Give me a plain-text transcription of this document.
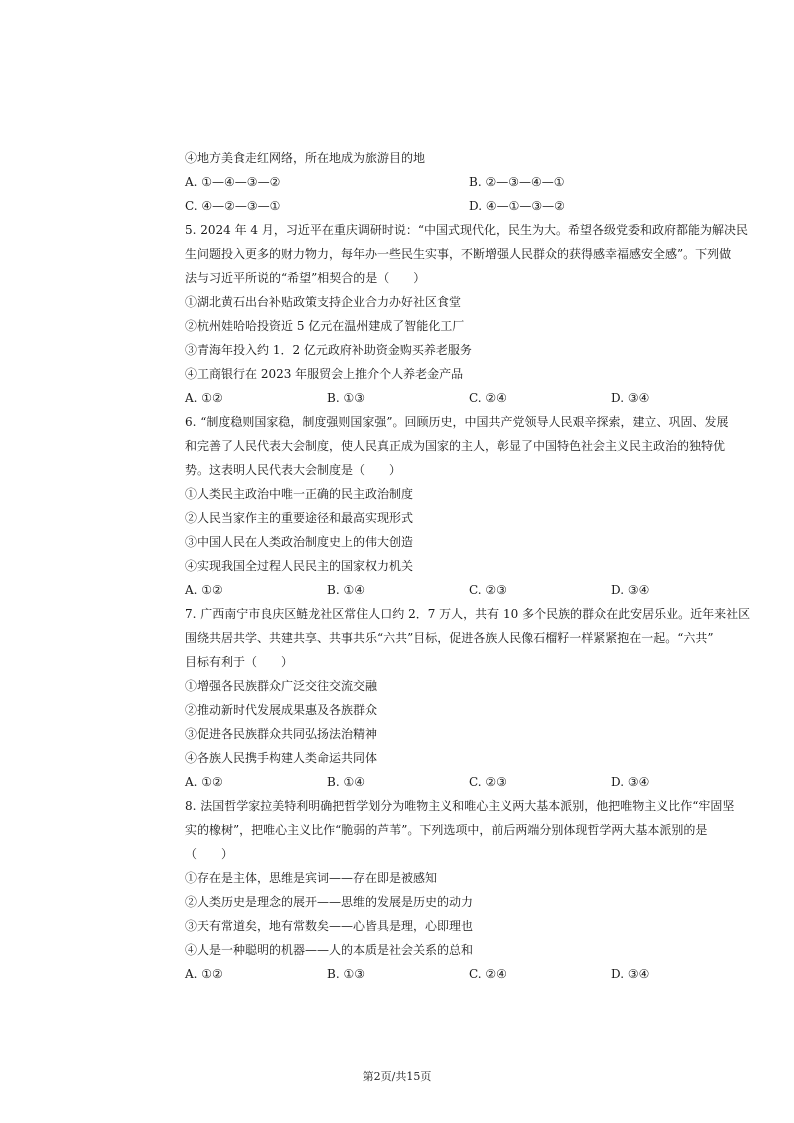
④地方美食走红网络，所在地成为旅游目的地
A. ①—④—③—②	B. ②—③—④—①
C. ④—②—③—①	D. ④—①—③—②
5. 2024 年 4 月，习近平在重庆调研时说：“中国式现代化，民生为大。希望各级党委和政府都能为解决民
生问题投入更多的财力物力，每年办一些民生实事，不断增强人民群众的获得感幸福感安全感”。下列做
法与习近平所说的“希望”相契合的是（　　）
①湖北黄石出台补贴政策支持企业合力办好社区食堂
②杭州娃哈哈投资近 5 亿元在温州建成了智能化工厂
③青海年投入约 1．2 亿元政府补助资金购买养老服务
④工商银行在 2023 年服贸会上推介个人养老金产品
A. ①②	B. ①③	C. ②④	D. ③④
6. “制度稳则国家稳，制度强则国家强”。回顾历史，中国共产党领导人民艰辛探索，建立、巩固、发展
和完善了人民代表大会制度，使人民真正成为国家的主人，彰显了中国特色社会主义民主政治的独特优
势。这表明人民代表大会制度是（　　）
①人类民主政治中唯一正确的民主政治制度
②人民当家作主的重要途径和最高实现形式
③中国人民在人类政治制度史上的伟大创造
④实现我国全过程人民民主的国家权力机关
A. ①②	B. ①④	C. ②③	D. ③④
7. 广西南宁市良庆区鲢龙社区常住人口约 2．7 万人，共有 10 多个民族的群众在此安居乐业。近年来社区
围绕共居共学、共建共享、共事共乐“六共”目标，促进各族人民像石榴籽一样紧紧抱在一起。“六共”
目标有利于（　　）
①增强各民族群众广泛交往交流交融
②推动新时代发展成果惠及各族群众
③促进各民族群众共同弘扬法治精神
④各族人民携手构建人类命运共同体
A. ①②	B. ①④	C. ②③	D. ③④
8. 法国哲学家拉美特利明确把哲学划分为唯物主义和唯心主义两大基本派别，他把唯物主义比作“牢固坚
实的橡树”，把唯心主义比作“脆弱的芦苇”。下列选项中，前后两端分别体现哲学两大基本派别的是
（　　）
①存在是主体，思维是宾词——存在即是被感知
②人类历史是理念的展开——思维的发展是历史的动力
③天有常道矣，地有常数矣——心皆具是理，心即理也
④人是一种聪明的机器——人的本质是社会关系的总和
A. ①②	B. ①③	C. ②④	D. ③④
第2页/共15页
